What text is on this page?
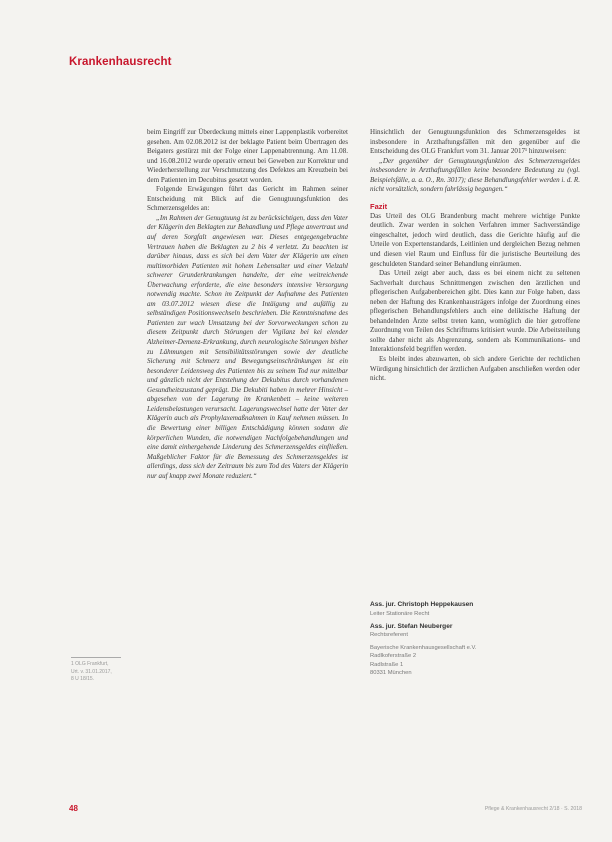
Krankenhausrecht

beim Eingriff zur Überdeckung mittels einer Lappenplastik vorbereitet gesehen. Am 02.08.2012 ist der beklagte Patient beim Übertragen des Beigaters gestürzt mit der Folge einer Lappenabtrennung. Am 11.08. und 16.08.2012 wurde operativ erneut bei Geweben zur Korrektur und Wiederherstellung zur Verschmutzung des Defektes am Kreuzbein bei dem Patienten im Decubitus gesetzt worden.

Folgende Erwägungen führt das Gericht im Rahmen seiner Entscheidung mit Blick auf die Genugtuungsfunktion des Schmerzensgeldes an:

„Im Rahmen der Genugtuung ist zu berücksichtigen, dass den Vater der Klägerin den Beklagten zur Behandlung und Pflege anvertraut und auf deren Sorgfalt angewiesen war. Dieses entgegengebrachte Vertrauen haben die Beklagten zu 2 bis 4 verletzt. Zu beachten ist darüber hinaus, dass es sich bei dem Vater der Klägerin um einen multimorbiden Patienten mit hohem Lebensalter und einer Vielzahl schwerer Grunderkrankungen handelte, der eine weitreichende Überwachung erforderte, die eine besonders intensive Versorgung notwendig machte. Schon im Zeitpunkt der Aufnahme des Patienten am 03.07.2012 wiesen diese die Intäigung und aufällig zu selbständigen Positionswechseln beschrieben. Die Kenntnisnahme des Patienten zur wach Umsatzung bei der Sorvorweckungen schon zu diesem Zeitpunkt durch Störungen der Vigilanz bei kei elender Alzheimer-Demenz-Erkrankung, durch neurologische Störungen bisher zu Lähmungen mit Sensibilitätsstörungen sowie der deutliche Sicherung mit Schmerz und Bewegungseinschränkungen ist ein besonderer Leidensweg des Patienten bis zu seinem Tod nur mittelbar und gänzlich nicht der Entstehung der Dekubitus durch vorhandenen Gesundheitszustand geprägt. Die Dekubiti haben in mehrer Hinsicht – abgesehen von der Lagerung im Krankenbett – keine weiteren Leidensbelastungen verursacht. Lagerungswechsel hatte der Vater der Klägerin auch als Prophylaxemaßnahmen in Kauf nehmen müssen. In die Bewertung einer billigen Entschädigung können sodann die körperlichen Wunden, die notwendigen Nachfolgebehandlungen und eine damit einhergehende Linderung des Schmerzensgeldes einfließen. Maßgeblicher Faktor für die Bemessung des Schmerzensgeldes ist allerdings, dass sich der Zeitraum bis zum Tod des Vaters der Klägerin nur auf knapp zwei Monate reduziert.“

Hinsichtlich der Genugtuungsfunktion des Schmerzensgeldes ist insbesondere in Arzthaftungsfällen mit den gegenüber auf die Entscheidung des OLG Frankfurt vom 31. Januar 2017¹ hinzuweisen:

„Der gegenüber der Genugtuungsfunktion des Schmerzensgeldes insbesondere in Arzthaftungsfällen keine besondere Bedeutung zu (vgl. Beispielsfälle, a. a. O., Rn. 3017); diese Behandlungsfehler werden i. d. R. nicht vorsätzlich, sondern fahrlässig begangen.“

Fazit

Das Urteil des OLG Brandenburg macht mehrere wichtige Punkte deutlich. Zwar werden in solchen Verfahren immer Sachverständige eingeschaltet, jedoch wird deutlich, dass die Gerichte häufig auf die Urteile von Expertenstandards, Leitlinien und dergleichen Bezug nehmen und diesen viel Raum und Einfluss für die juristische Beurteilung des geschuldeten Standard seiner Behandlung einräumen.

Das Urteil zeigt aber auch, dass es bei einem nicht zu seltenen Sachverhalt durchaus Schnittmengen zwischen den ärztlichen und pflegerischen Aufgabenbereichen gibt. Dies kann zur Folge haben, dass neben der Haftung des Krankenhausträgers infolge der Zuordnung eines pflegerischen Behandlungsfehlers auch eine deliktische Haftung der behandelnden Ärzte selbst treten kann, womöglich die hier getroffene Zuordnung von Teilen des Schrifttums kritisiert wurde. Die Arbeitsteilung sollte daher nicht als Abgrenzung, sondern als Kommunikations- und Interaktionsfeld begriffen werden.

Es bleibt indes abzuwarten, ob sich andere Gerichte der rechtlichen Würdigung hinsichtlich der ärztlichen Aufgaben anschließen werden oder nicht.

Ass. jur. Christoph Heppekausen
Leiter Stationäre Recht
Ass. jur. Stefan Neuberger
Rechtsreferent
Bayerische Krankenhausgesellschaft e.V.
Radlkoferstraße 2
Radlstraße 1
80331 München
1 OLG Frankfurt,
Urt. v. 31.01.2017,
8 U 18/15.
48	Pflege & Krankenhausrecht 2/18 · S. 2018
